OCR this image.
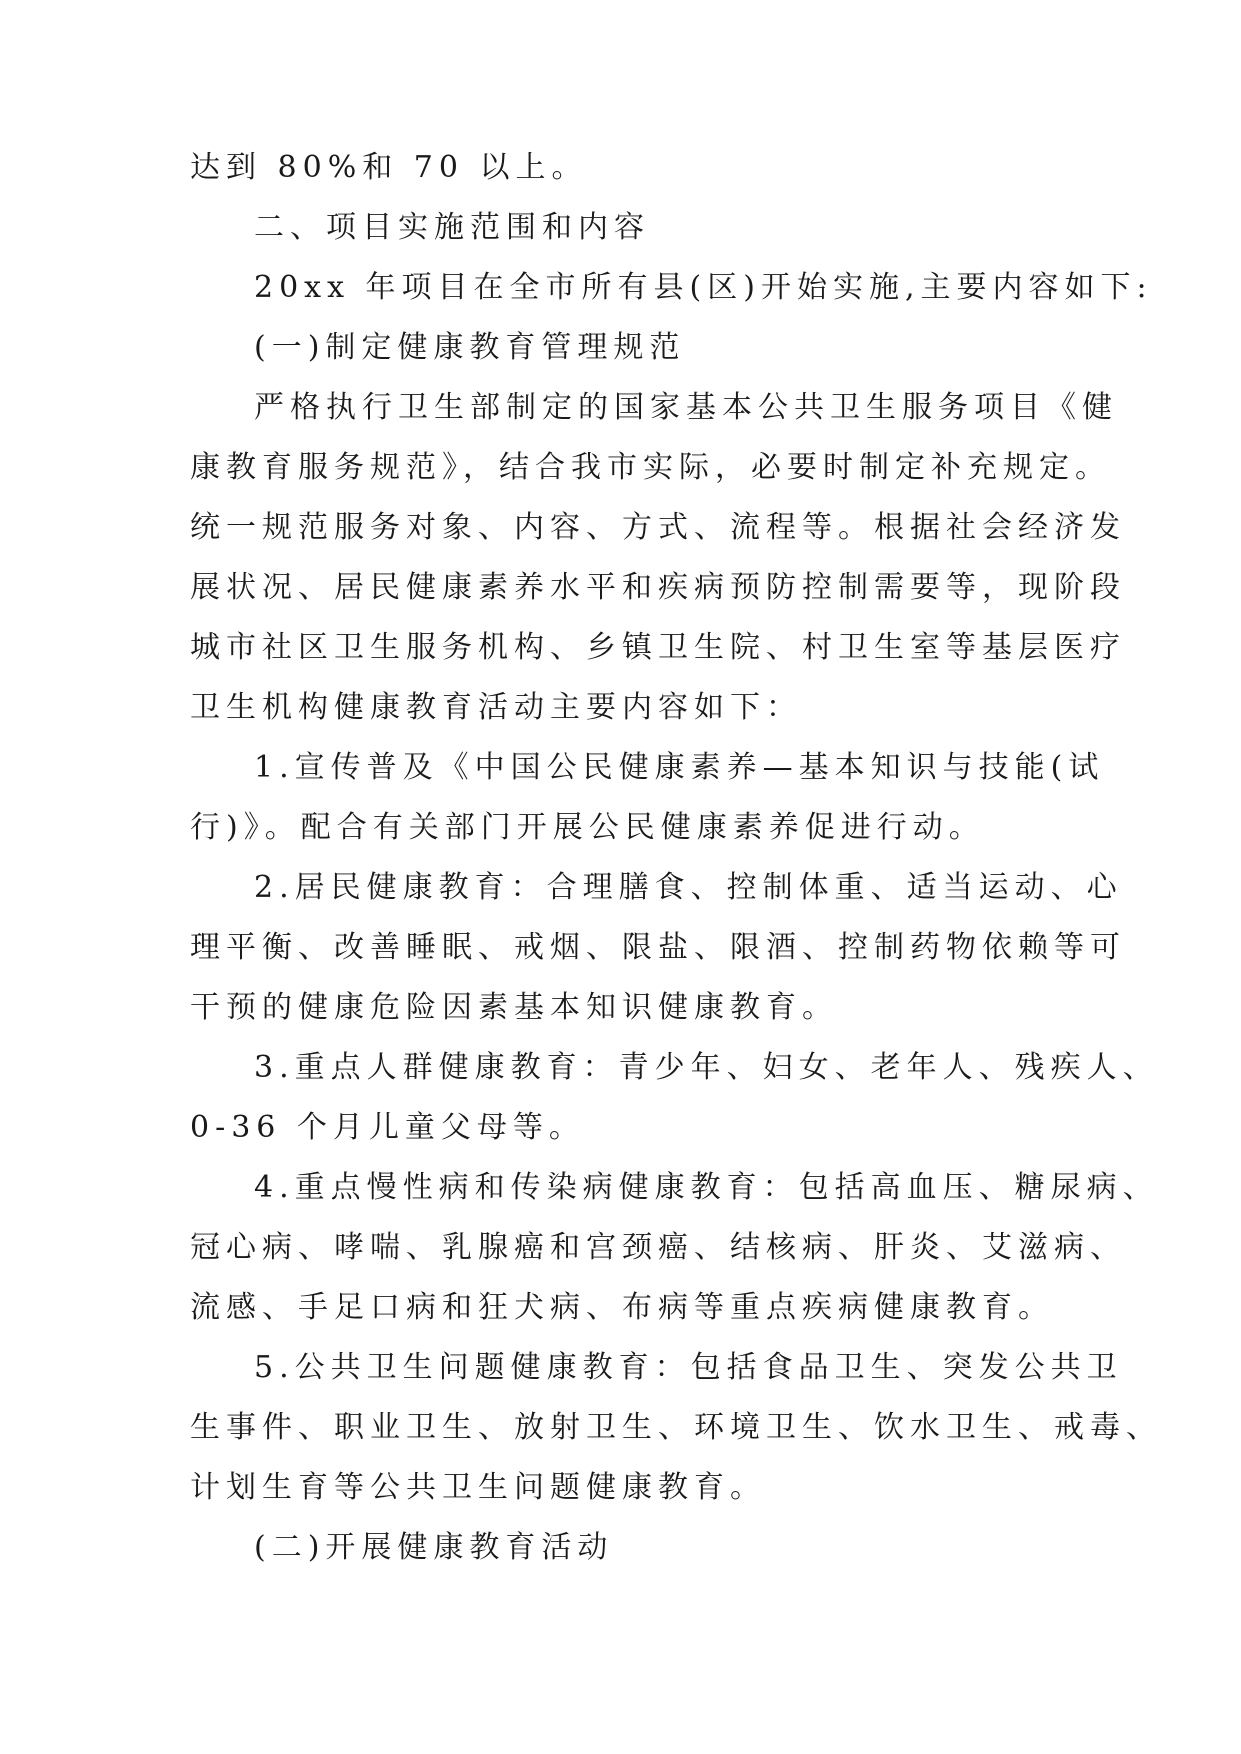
达到 80%和 70 以上。
二、项目实施范围和内容
20xx 年项目在全市所有县(区)开始实施,主要内容如下:
(一)制定健康教育管理规范
严格执行卫生部制定的国家基本公共卫生服务项目《健
康教育服务规范》，结合我市实际，必要时制定补充规定。
统一规范服务对象、内容、方式、流程等。根据社会经济发
展状况、居民健康素养水平和疾病预防控制需要等，现阶段
城市社区卫生服务机构、乡镇卫生院、村卫生室等基层医疗
卫生机构健康教育活动主要内容如下：
1.宣传普及《中国公民健康素养—基本知识与技能(试
行)》。配合有关部门开展公民健康素养促进行动。
2.居民健康教育：合理膳食、控制体重、适当运动、心
理平衡、改善睡眠、戒烟、限盐、限酒、控制药物依赖等可
干预的健康危险因素基本知识健康教育。
3.重点人群健康教育：青少年、妇女、老年人、残疾人、
0-36 个月儿童父母等。
4.重点慢性病和传染病健康教育：包括高血压、糖尿病、
冠心病、哮喘、乳腺癌和宫颈癌、结核病、肝炎、艾滋病、
流感、手足口病和狂犬病、布病等重点疾病健康教育。
5.公共卫生问题健康教育：包括食品卫生、突发公共卫
生事件、职业卫生、放射卫生、环境卫生、饮水卫生、戒毒、
计划生育等公共卫生问题健康教育。
(二)开展健康教育活动
